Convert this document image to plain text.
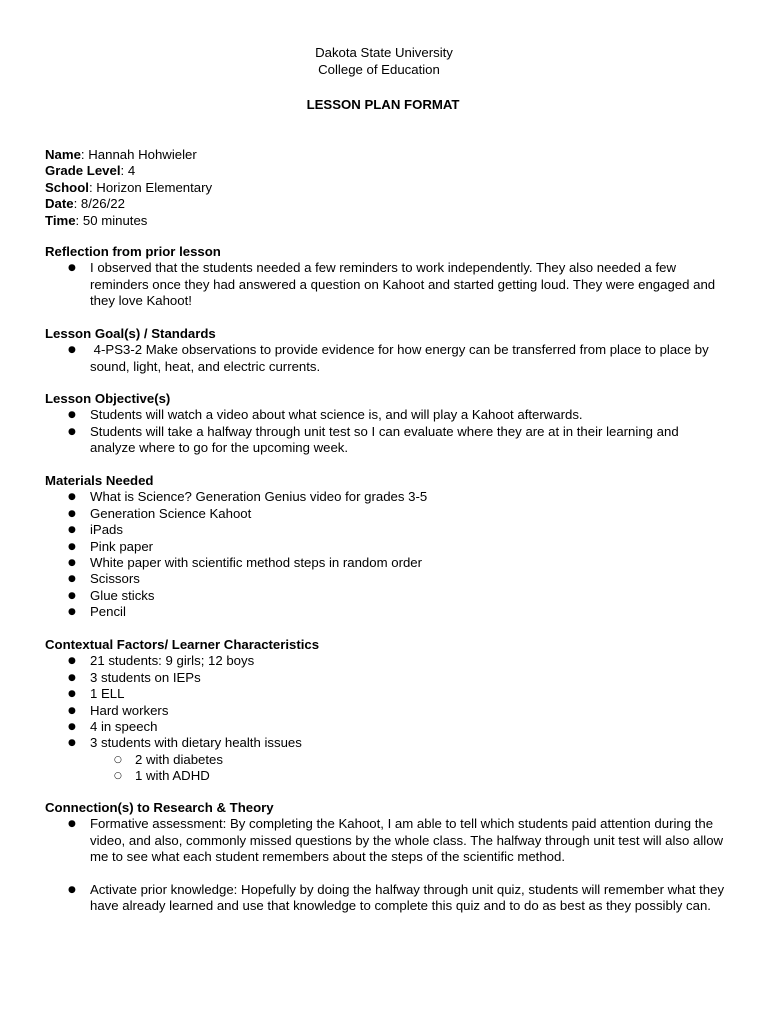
Dakota State University
College of Education
LESSON PLAN FORMAT
Name: Hannah Hohwieler
Grade Level: 4
School: Horizon Elementary
Date: 8/26/22
Time: 50 minutes
Reflection from prior lesson
● I observed that the students needed a few reminders to work independently. They also needed a few reminders once they had answered a question on Kahoot and started getting loud. They were engaged and they love Kahoot!
Lesson Goal(s) / Standards
●  4-PS3-2 Make observations to provide evidence for how energy can be transferred from place to place by sound, light, heat, and electric currents.
Lesson Objective(s)
● Students will watch a video about what science is, and will play a Kahoot afterwards.
● Students will take a halfway through unit test so I can evaluate where they are at in their learning and analyze where to go for the upcoming week.
Materials Needed
● What is Science? Generation Genius video for grades 3-5
● Generation Science Kahoot
● iPads
● Pink paper
● White paper with scientific method steps in random order
● Scissors
● Glue sticks
● Pencil
Contextual Factors/ Learner Characteristics
● 21 students: 9 girls; 12 boys
● 3 students on IEPs
● 1 ELL
● Hard workers
● 4 in speech
● 3 students with dietary health issues
○ 2 with diabetes
○ 1 with ADHD
Connection(s) to Research & Theory
● Formative assessment: By completing the Kahoot, I am able to tell which students paid attention during the video, and also, commonly missed questions by the whole class. The halfway through unit test will also allow me to see what each student remembers about the steps of the scientific method.
● Activate prior knowledge: Hopefully by doing the halfway through unit quiz, students will remember what they have already learned and use that knowledge to complete this quiz and to do as best as they possibly can.
